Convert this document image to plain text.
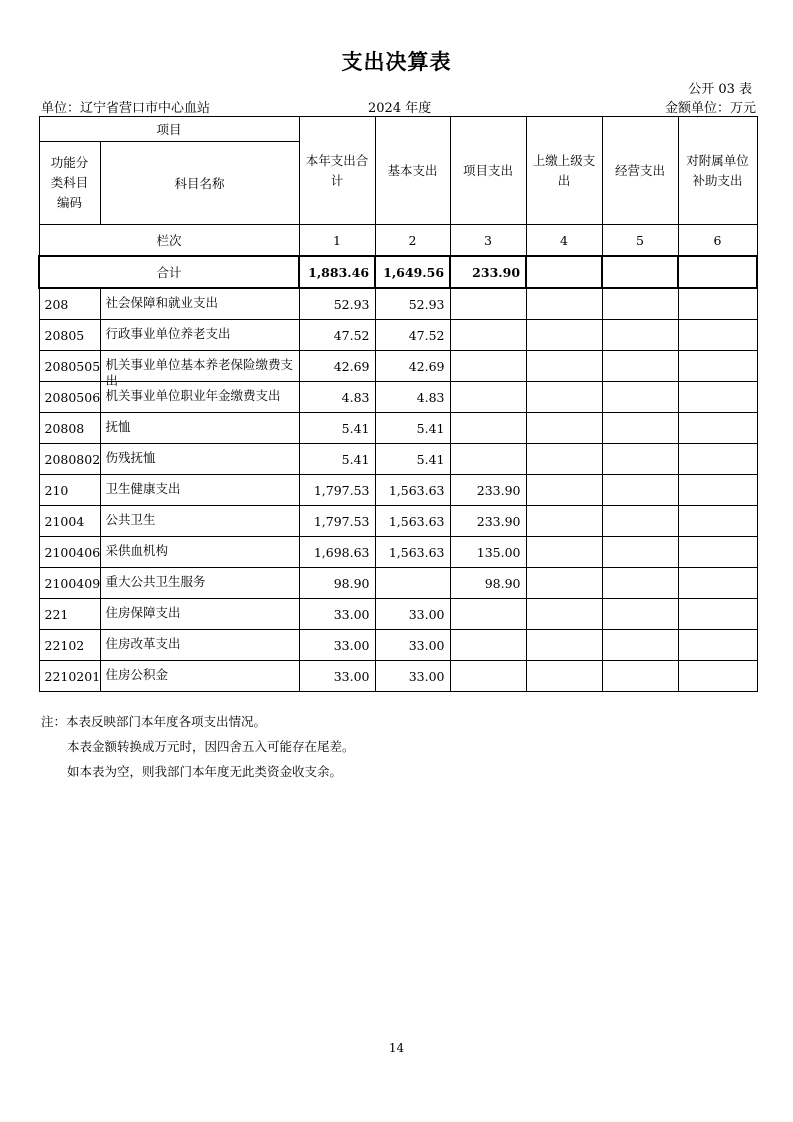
支出决算表
公开 03 表
单位：辽宁省营口市中心血站	2024 年度	金额单位：万元
项目		本年支出合计	基本支出	项目支出	上缴上级支出	经营支出	对附属单位补助支出
功能分类科目编码	科目名称						
栏次		1	2	3	4	5	6
合计		1,883.46	1,649.56	233.90			
208	社会保障和就业支出	52.93	52.93				
20805	行政事业单位养老支出	47.52	47.52				
2080505	机关事业单位基本养老保险缴费支出	42.69	42.69				
2080506	机关事业单位职业年金缴费支出	4.83	4.83				
20808	抚恤	5.41	5.41				
2080802	伤残抚恤	5.41	5.41				
210	卫生健康支出	1,797.53	1,563.63	233.90			
21004	公共卫生	1,797.53	1,563.63	233.90			
2100406	采供血机构	1,698.63	1,563.63	135.00			
2100409	重大公共卫生服务	98.90		98.90			
221	住房保障支出	33.00	33.00				
22102	住房改革支出	33.00	33.00				
2210201	住房公积金	33.00	33.00				
注：本表反映部门本年度各项支出情况。
本表金额转换成万元时，因四舍五入可能存在尾差。
如本表为空，则我部门本年度无此类资金收支余。
14
